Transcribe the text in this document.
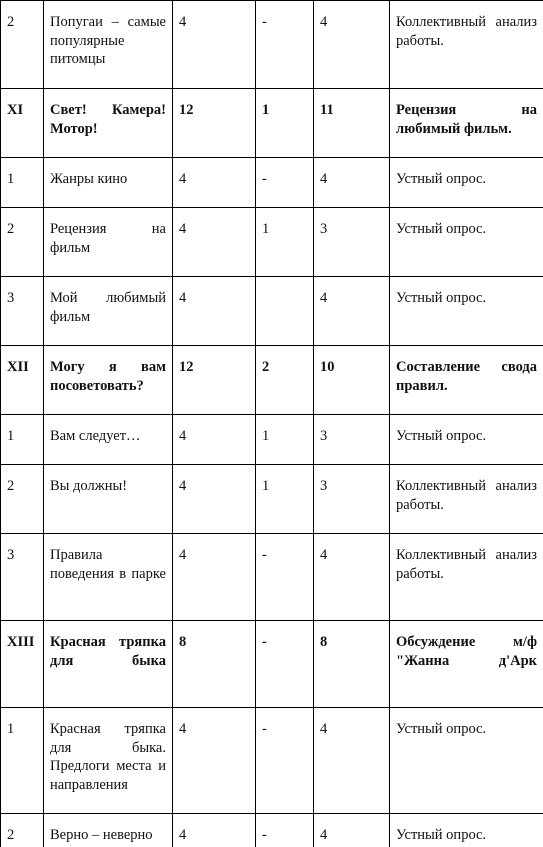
2	Попугаи – самые популярные питомцы	4	-	4	Коллективный анализ работы.
XI	Свет! Камера! Мотор!	12	1	11	Рецензия на любимый фильм.
1	Жанры кино	4	-	4	Устный опрос.
2	Рецензия на фильм	4	1	3	Устный опрос.
3	Мой любимый фильм	4		4	Устный опрос.
XII	Могу я вам посоветовать?	12	2	10	Составление свода правил.
1	Вам следует…	4	1	3	Устный опрос.
2	Вы должны!	4	1	3	Коллективный анализ работы.
3	Правила поведения в парке	4	-	4	Коллективный анализ работы.
XIII	Красная тряпка для быка	8	-	8	Обсуждение м/ф "Жанна д'Арк
1	Красная тряпка для быка. Предлоги места и направления	4	-	4	Устный опрос.
2	Верно – неверно	4	-	4	Устный опрос.
